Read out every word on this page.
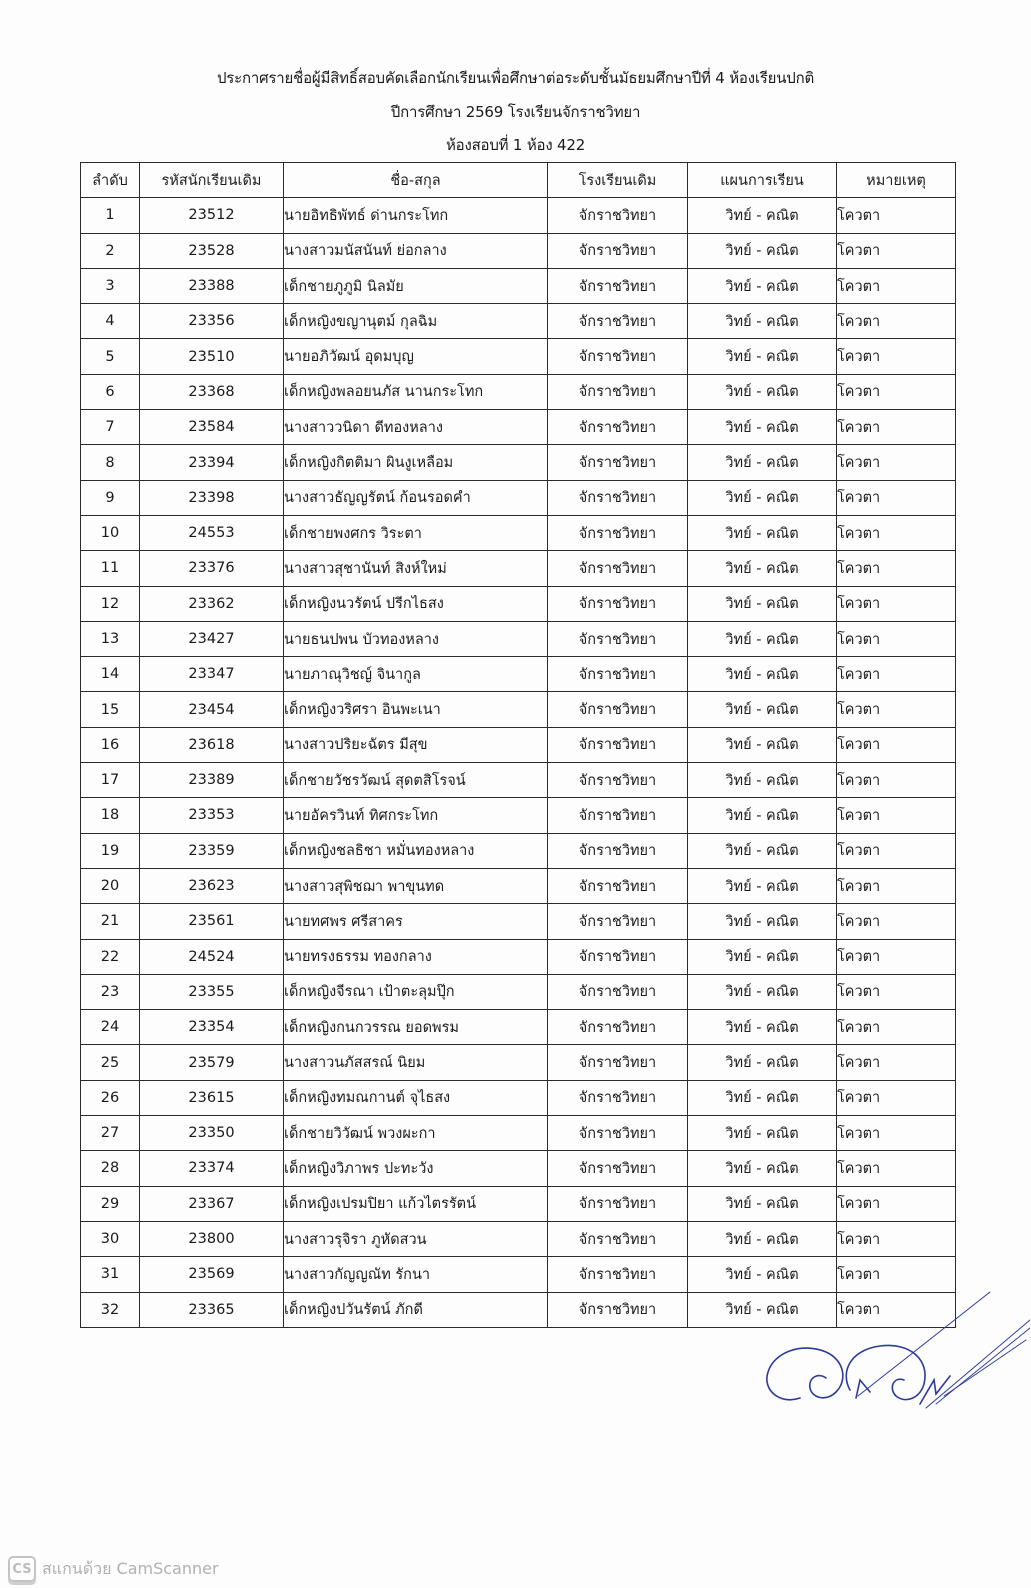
ประกาศรายชื่อผู้มีสิทธิ์สอบคัดเลือกนักเรียนเพื่อศึกษาต่อระดับชั้นมัธยมศึกษาปีที่ 4 ห้องเรียนปกติ
ปีการศึกษา 2569 โรงเรียนจักราชวิทยา
ห้องสอบที่ 1 ห้อง 422
ลำดับ	รหัสนักเรียนเดิม	ชื่อ-สกุล	โรงเรียนเดิม	แผนการเรียน	หมายเหตุ
1	23512	นายอิทธิพัทธ์ ด่านกระโทก	จักราชวิทยา	วิทย์ - คณิต	โควตา
2	23528	นางสาวมนัสนันท์ ย่อกลาง	จักราชวิทยา	วิทย์ - คณิต	โควตา
3	23388	เด็กชายภูภูมิ นิลมัย	จักราชวิทยา	วิทย์ - คณิต	โควตา
4	23356	เด็กหญิงขญานุตม์ กุลฉิม	จักราชวิทยา	วิทย์ - คณิต	โควตา
5	23510	นายอภิวัฒน์ อุดมบุญ	จักราชวิทยา	วิทย์ - คณิต	โควตา
6	23368	เด็กหญิงพลอยนภัส นานกระโทก	จักราชวิทยา	วิทย์ - คณิต	โควตา
7	23584	นางสาววนิดา ดีทองหลาง	จักราชวิทยา	วิทย์ - คณิต	โควตา
8	23394	เด็กหญิงกิตติมา ผินงูเหลือม	จักราชวิทยา	วิทย์ - คณิต	โควตา
9	23398	นางสาวธัญญรัตน์ ก้อนรอดคำ	จักราชวิทยา	วิทย์ - คณิต	โควตา
10	24553	เด็กชายพงศกร วิระตา	จักราชวิทยา	วิทย์ - คณิต	โควตา
11	23376	นางสาวสุชานันท์ สิงห์ใหม่	จักราชวิทยา	วิทย์ - คณิต	โควตา
12	23362	เด็กหญิงนวรัตน์ ปรีกไธสง	จักราชวิทยา	วิทย์ - คณิต	โควตา
13	23427	นายธนปพน บัวทองหลาง	จักราชวิทยา	วิทย์ - คณิต	โควตา
14	23347	นายภาณุวิชญ์ จินากูล	จักราชวิทยา	วิทย์ - คณิต	โควตา
15	23454	เด็กหญิงวริศรา อินพะเนา	จักราชวิทยา	วิทย์ - คณิต	โควตา
16	23618	นางสาวปริยะฉัตร มีสุข	จักราชวิทยา	วิทย์ - คณิต	โควตา
17	23389	เด็กชายวัชรวัฒน์ สุดตสิโรจน์	จักราชวิทยา	วิทย์ - คณิต	โควตา
18	23353	นายอัครวินท์ ทิศกระโทก	จักราชวิทยา	วิทย์ - คณิต	โควตา
19	23359	เด็กหญิงชลธิชา หมั่นทองหลาง	จักราชวิทยา	วิทย์ - คณิต	โควตา
20	23623	นางสาวสุพิชฌา พาขุนทด	จักราชวิทยา	วิทย์ - คณิต	โควตา
21	23561	นายทศพร ศรีสาคร	จักราชวิทยา	วิทย์ - คณิต	โควตา
22	24524	นายทรงธรรม ทองกลาง	จักราชวิทยา	วิทย์ - คณิต	โควตา
23	23355	เด็กหญิงจีรณา เป้าตะลุมปุ๊ก	จักราชวิทยา	วิทย์ - คณิต	โควตา
24	23354	เด็กหญิงกนกวรรณ ยอดพรม	จักราชวิทยา	วิทย์ - คณิต	โควตา
25	23579	นางสาวนภัสสรณ์ นิยม	จักราชวิทยา	วิทย์ - คณิต	โควตา
26	23615	เด็กหญิงทมณกานต์ จุไธสง	จักราชวิทยา	วิทย์ - คณิต	โควตา
27	23350	เด็กชายวิวัฒน์ พวงผะกา	จักราชวิทยา	วิทย์ - คณิต	โควตา
28	23374	เด็กหญิงวิภาพร ปะทะวัง	จักราชวิทยา	วิทย์ - คณิต	โควตา
29	23367	เด็กหญิงเปรมปิยา แก้วไตรรัตน์	จักราชวิทยา	วิทย์ - คณิต	โควตา
30	23800	นางสาวรุจิรา ภูหัดสวน	จักราชวิทยา	วิทย์ - คณิต	โควตา
31	23569	นางสาวกัญญณัท รักนา	จักราชวิทยา	วิทย์ - คณิต	โควตา
32	23365	เด็กหญิงปวันรัตน์ ภักดี	จักราชวิทยา	วิทย์ - คณิต	โควตา
CS สแกนด้วย CamScanner
